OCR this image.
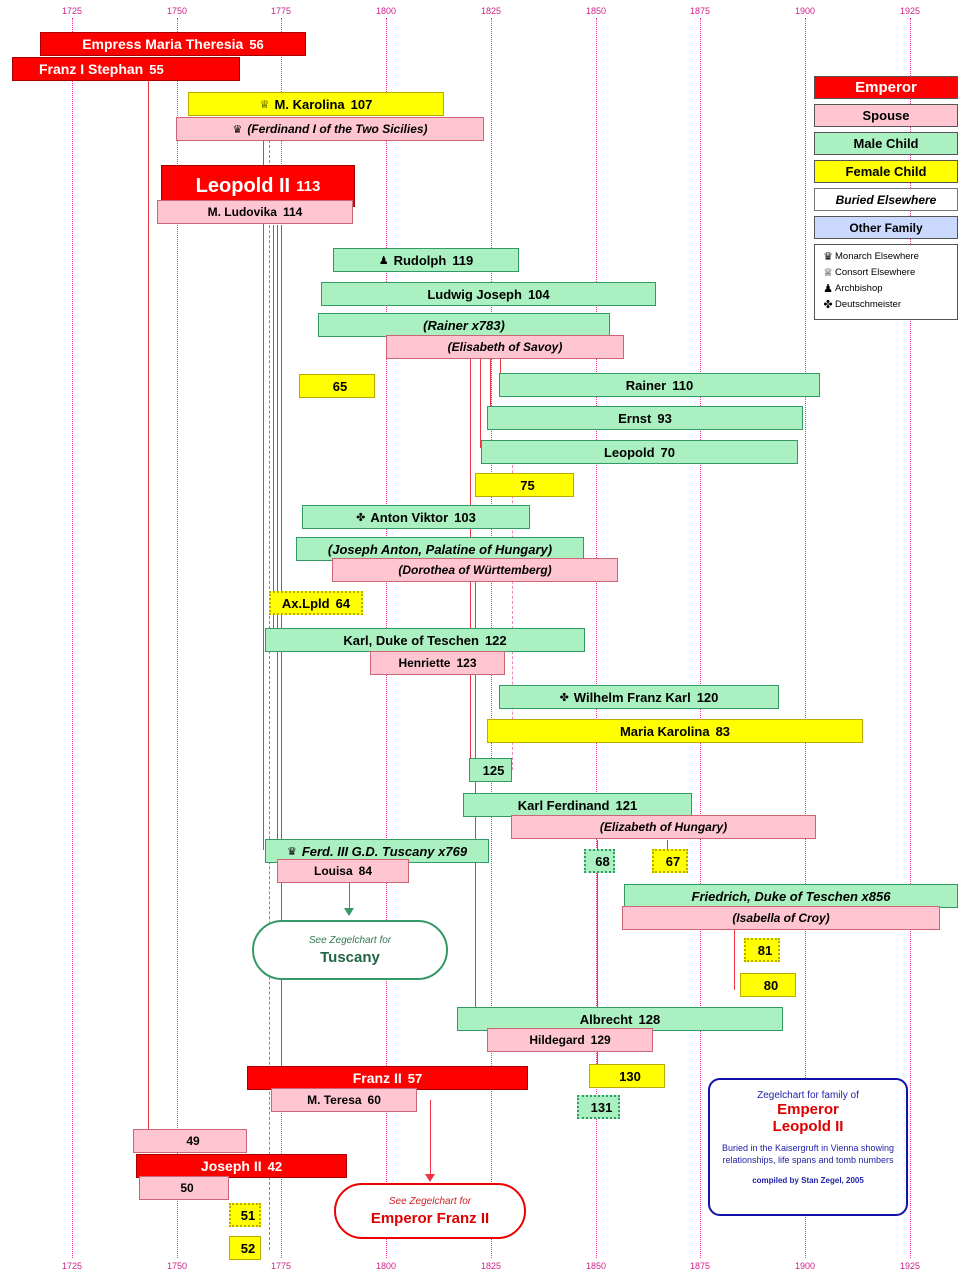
1725	1750	1775	1800	1825	1850	1875	1900	1925
1725	1750	1775	1800	1825	1850	1875	1900	1925
Empress Maria Theresia 56
Franz I Stephan 55
♕ M. Karolina 107
♛ (Ferdinand I of the Two Sicilies)
Leopold II 113
M. Ludovika 114
♟ Rudolph 119
Ludwig Joseph 104
(Rainer x783)
(Elisabeth of Savoy)
65	Rainer 110
Ernst 93
Leopold 70
75
✤ Anton Viktor 103
(Joseph Anton, Palatine of Hungary)
(Dorothea of Württemberg)
Ax.Lpld 64
Karl, Duke of Teschen 122
Henriette 123
✤ Wilhelm Franz Karl 120
Maria Karolina 83
125
Karl Ferdinand 121
(Elizabeth of Hungary)
68	67
♛ Ferd. III G.D. Tuscany x769
Louisa 84
Friedrich, Duke of Teschen x856
(Isabella of Croy)
81
80
Albrecht 128
Hildegard 129
Franz II 57
M. Teresa 60
130
131
49
Joseph II 42
50
51
52
See Zegelchart for
Tuscany
See Zegelchart for
Emperor Franz II
Emperor
Spouse
Male Child
Female Child
Buried Elsewhere
Other Family
♛ Monarch Elsewhere
♕ Consort Elsewhere
♟ Archbishop
✤ Deutschmeister
Zegelchart for family of
Emperor
Leopold II
Buried in the Kaisergruft in Vienna showing relationships, life spans and tomb numbers
compiled by Stan Zegel, 2005
